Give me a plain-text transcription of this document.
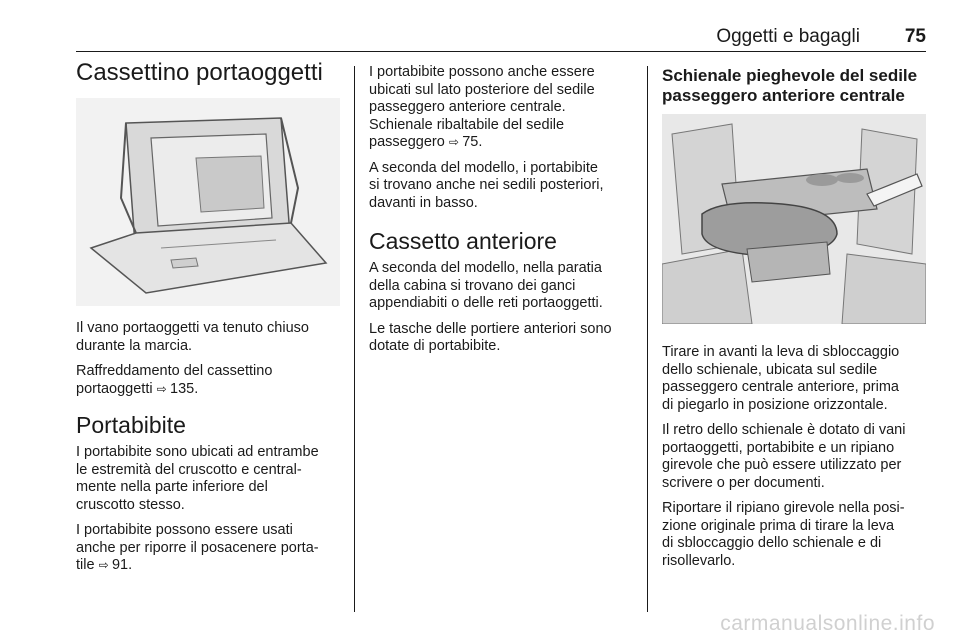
Oggetti e bagagli	75
Cassettino portaoggetti

Il vano portaoggetti va tenuto chiuso
durante la marcia.

Raffreddamento del cassettino
portaoggetti ⇨ 135.

Portabibite

I portabibite sono ubicati ad entrambe
le estremità del cruscotto e central-
mente nella parte inferiore del
cruscotto stesso.

I portabibite possono essere usati
anche per riporre il posacenere porta-
tile ⇨ 91.

I portabibite possono anche essere
ubicati sul lato posteriore del sedile
passeggero anteriore centrale.
Schienale ribaltabile del sedile
passeggero ⇨ 75.

A seconda del modello, i portabibite
si trovano anche nei sedili posteriori,
davanti in basso.

Cassetto anteriore

A seconda del modello, nella paratia
della cabina si trovano dei ganci
appendiabiti o delle reti portaoggetti.

Le tasche delle portiere anteriori sono
dotate di portabibite.

Schienale pieghevole del sedile
passeggero anteriore centrale

Tirare in avanti la leva di sbloccaggio
dello schienale, ubicata sul sedile
passeggero centrale anteriore, prima
di piegarlo in posizione orizzontale.

Il retro dello schienale è dotato di vani
portaoggetti, portabibite e un ripiano
girevole che può essere utilizzato per
scrivere o per documenti.

Riportare il ripiano girevole nella posi-
zione originale prima di tirare la leva
di sbloccaggio dello schienale e di
risollevarlo.

carmanualsonline.info
